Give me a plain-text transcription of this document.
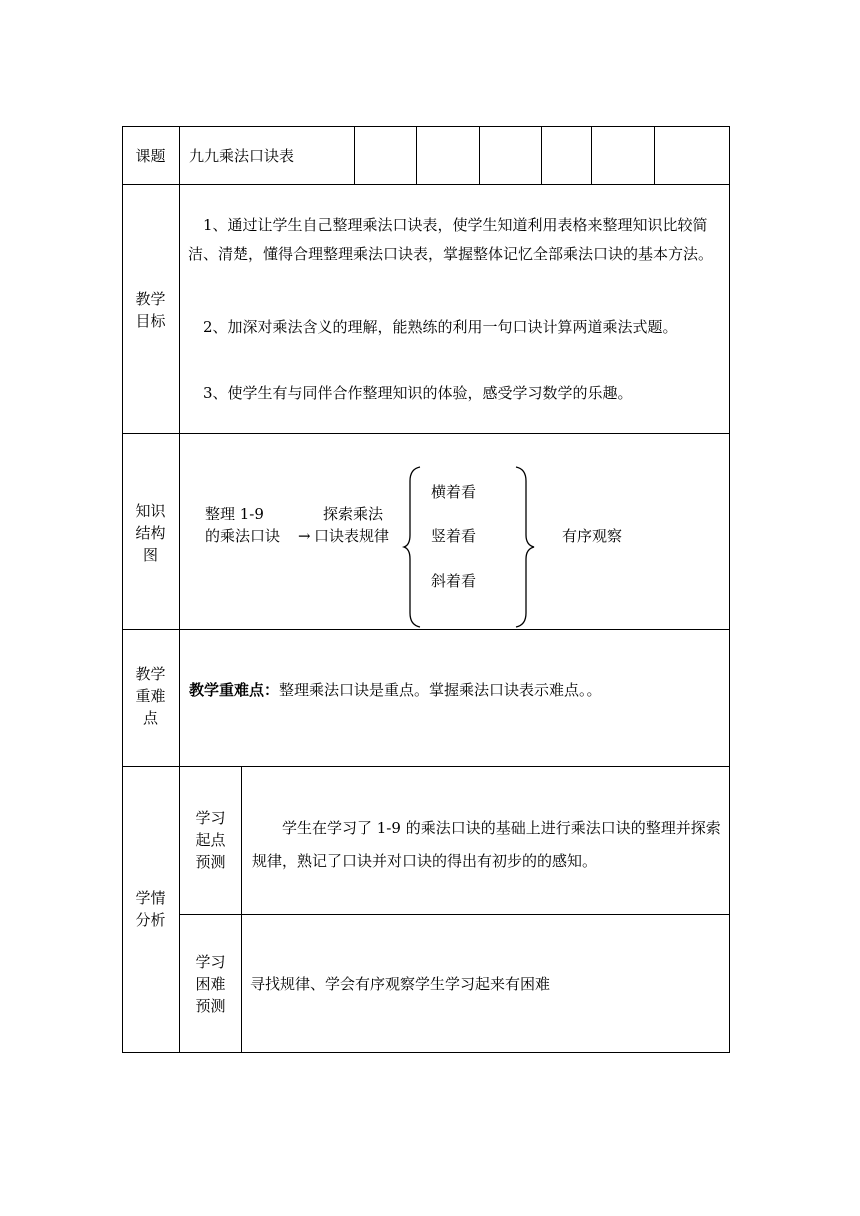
课题	九九乘法口诀表
教学
目标
1、通过让学生自己整理乘法口诀表，使学生知道利用表格来整理知识比较简洁、清楚，懂得合理整理乘法口诀表，掌握整体记忆全部乘法口诀的基本方法。
2、加深对乘法含义的理解，能熟练的利用一句口诀计算两道乘法式题。
3、使学生有与同伴合作整理知识的体验，感受学习数学的乐趣。
知识
结构
图
整理 1-9
的乘法口诀 →
探索乘法
口诀表规律
横着看
竖着看
斜着看
有序观察
教学
重难
点
教学重难点：整理乘法口诀是重点。掌握乘法口诀表示难点。。
学情
分析
学习
起点
预测
学生在学习了 1-9 的乘法口诀的基础上进行乘法口诀的整理并探索规律，熟记了口诀并对口诀的得出有初步的的感知。
学习
困难
预测
寻找规律、学会有序观察学生学习起来有困难
